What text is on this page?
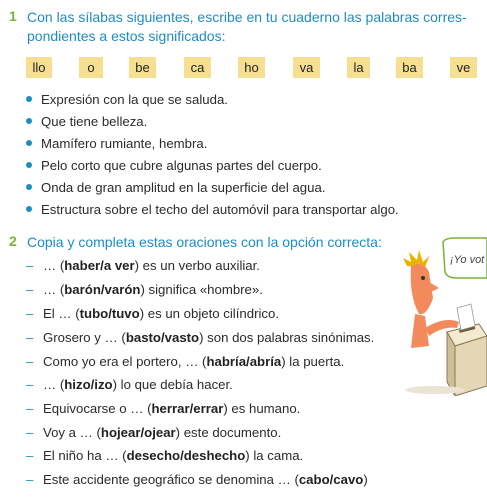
1 Con las sílabas siguientes, escribe en tu cuaderno las palabras corres-
pondientes a estos significados:
llo	o	be	ca	ho	va	la	ba	ve
Expresión con la que se saluda.
Que tiene belleza.
Mamífero rumiante, hembra.
Pelo corto que cubre algunas partes del cuerpo.
Onda de gran amplitud en la superficie del agua.
Estructura sobre el techo del automóvil para transportar algo.
2 Copia y completa estas oraciones con la opción correcta:
– … (haber/a ver) es un verbo auxiliar.
– … (barón/varón) significa «hombre».
– El … (tubo/tuvo) es un objeto cilíndrico.
– Grosero y … (basto/vasto) son dos palabras sinónimas.
– Como yo era el portero, … (habría/abría) la puerta.
– … (hizo/izo) lo que debía hacer.
– Equivocarse o … (herrar/errar) es humano.
– Voy a … (hojear/ojear) este documento.
– El niño ha … (desecho/deshecho) la cama.
– Este accidente geográfico se denomina … (cabo/cavo)
¡Yo vot
